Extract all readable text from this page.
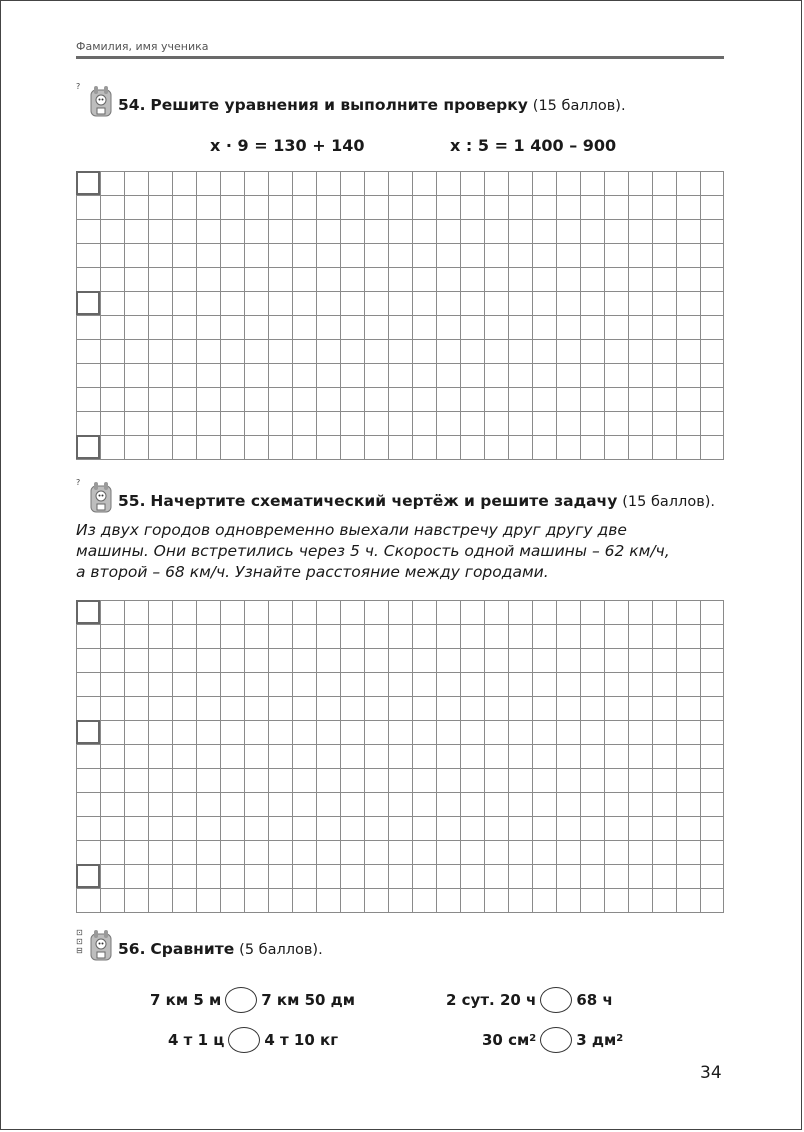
Фамилия, имя ученика
?
54. Решите уравнения и выполните проверку (15 баллов).
x · 9 = 130 + 140	x : 5 = 1 400 – 900
?
55. Начертите схематический чертёж и решите задачу (15 баллов).
Из двух городов одновременно выехали навстречу друг другу две
машины. Они встретились через 5 ч. Скорость одной машины – 62 км/ч,
а второй – 68 км/ч. Узнайте расстояние между городами.
⊡
⊡
⊟ 56. Сравните (5 баллов).
7 км 5 м	7 км 50 дм	2 сут. 20 ч	68 ч
4 т 1 ц	4 т 10 кг	30 $см^2$	3 $дм^2$
34
